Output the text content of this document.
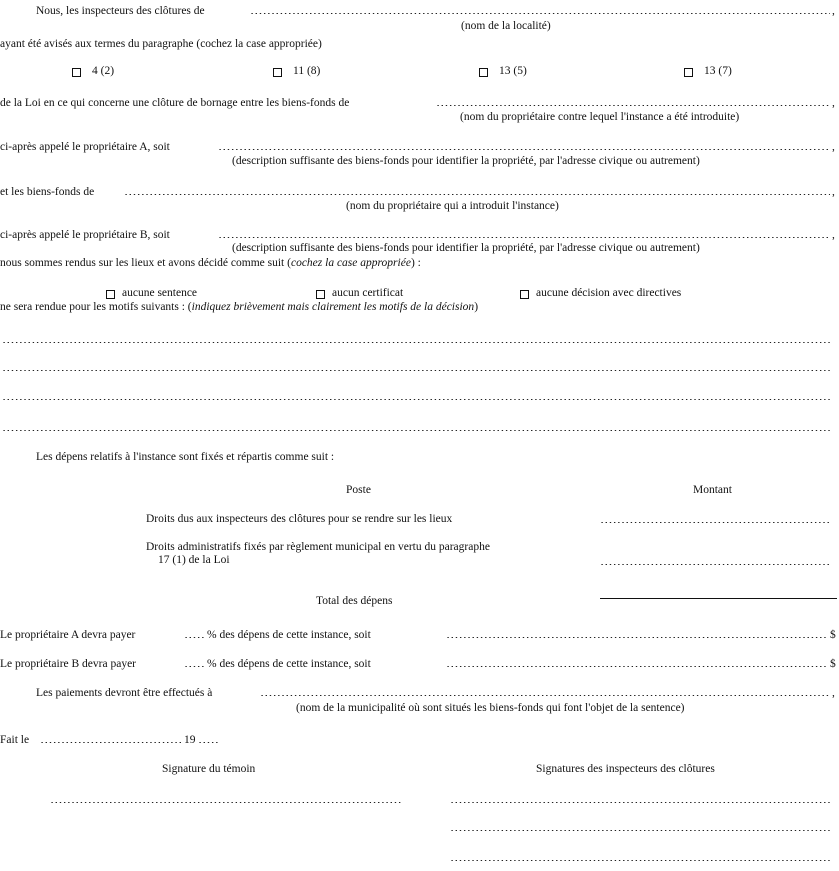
Nous, les inspecteurs des clôtures de	,
(nom de la localité)
ayant été avisés aux termes du paragraphe (cochez la case appropriée)
4 (2)	11 (8)	13 (5)	13 (7)
de la Loi en ce qui concerne une clôture de bornage entre les biens-fonds de	,
(nom du propriétaire contre lequel l'instance a été introduite)
ci-après appelé le propriétaire A, soit	,
(description suffisante des biens-fonds pour identifier la propriété, par l'adresse civique ou autrement)
et les biens-fonds de	,
(nom du propriétaire qui a introduit l'instance)
ci-après appelé le propriétaire B, soit	,
(description suffisante des biens-fonds pour identifier la propriété, par l'adresse civique ou autrement)
nous sommes rendus sur les lieux et avons décidé comme suit (cochez la case appropriée) :
aucune sentence	aucun certificat	aucune décision avec directives
ne sera rendue pour les motifs suivants : (indiquez brièvement mais clairement les motifs de la décision)
Les dépens relatifs à l'instance sont fixés et répartis comme suit :
Poste	Montant
Droits dus aux inspecteurs des clôtures pour se rendre sur les lieux
Droits administratifs fixés par règlement municipal en vertu du paragraphe
17 (1) de la Loi
Total des dépens
Le propriétaire A devra payer	% des dépens de cette instance, soit	$
Le propriétaire B devra payer	% des dépens de cette instance, soit	$
Les paiements devront être effectués à	,
(nom de la municipalité où sont situés les biens-fonds qui font l'objet de la sentence)
Fait le	19
Signature du témoin	Signatures des inspecteurs des clôtures
